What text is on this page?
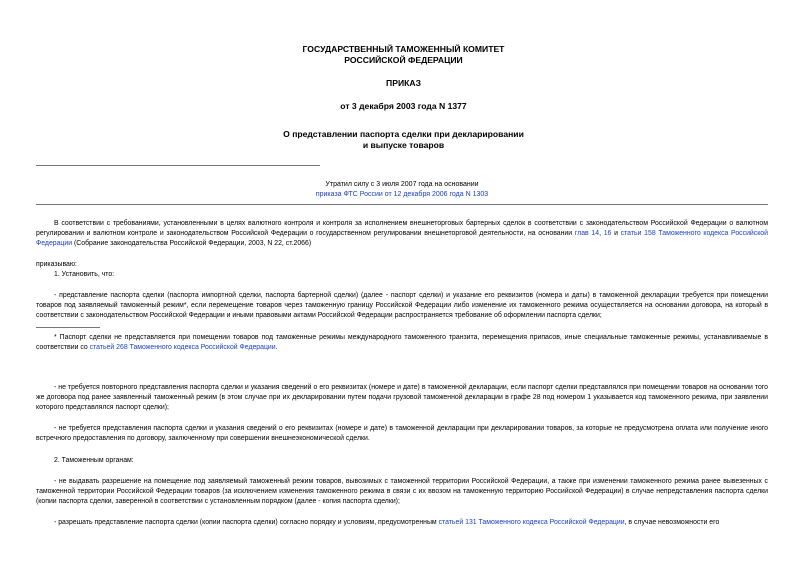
ГОСУДАРСТВЕННЫЙ ТАМОЖЕННЫЙ КОМИТЕТ
РОССИЙСКОЙ ФЕДЕРАЦИИ
ПРИКАЗ
от 3 декабря 2003 года N 1377
О представлении паспорта сделки при декларировании
и выпуске товаров
Утратил силу с 3 июля 2007 года на основании
приказа ФТС России от 12 декабря 2006 года N 1303
В соответствии с требованиями, установленными в целях валютного контроля и контроля за исполнением внешнеторговых бартерных сделок в соответствии с законодательством Российской Федерации о валютном регулировании и валютном контроле и законодательством Российской Федерации о государственном регулировании внешнеторговой деятельности, на основании глав 14, 16 и статьи 158 Таможенного кодекса Российской Федерации (Собрание законодательства Российской Федерации, 2003, N 22, ст.2066)
приказываю:
1. Установить, что:
- представление паспорта сделки (паспорта импортной сделки, паспорта бартерной сделки) (далее - паспорт сделки) и указание его реквизитов (номера и даты) в таможенной декларации требуется при помещении товаров под заявляемый таможенный режим*, если перемещение товаров через таможенную границу Российской Федерации либо изменение их таможенного режима осуществляется на основании договора, на который в соответствии с законодательством Российской Федерации и иными правовыми актами Российской Федерации распространяется требование об оформлении паспорта сделки;
* Паспорт сделки не представляется при помещении товаров под таможенные режимы международного таможенного транзита, перемещения припасов, иные специальные таможенные режимы, устанавливаемые в соответствии со статьей 268 Таможенного кодекса Российской Федерации.
- не требуется повторного представления паспорта сделки и указания сведений о его реквизитах (номере и дате) в таможенной декларации, если паспорт сделки представлялся при помещении товаров на основании того же договора под ранее заявленный таможенный режим (в этом случае при их декларировании путем подачи грузовой таможенной декларации в графе 28 под номером 1 указывается код таможенного режима, при заявлении которого представлялся паспорт сделки);
- не требуется представления паспорта сделки и указания сведений о его реквизитах (номере и дате) в таможенной декларации при декларировании товаров, за которые не предусмотрена оплата или получение иного встречного предоставления по договору, заключенному при совершении внешнеэкономической сделки.
2. Таможенным органам:
- не выдавать разрешение на помещение под заявляемый таможенный режим товаров, вывозимых с таможенной территории Российской Федерации, а также при изменении таможенного режима ранее вывезенных с таможенной территории Российской Федерации товаров (за исключением изменения таможенного режима в связи с их ввозом на таможенную территорию Российской Федерации) в случае непредставления паспорта сделки (копии паспорта сделки, заверенной в соответствии с установленным порядком (далее - копия паспорта сделки);
- разрешать представление паспорта сделки (копии паспорта сделки) согласно порядку и условиям, предусмотренным статьей 131 Таможенного кодекса Российской Федерации, в случае невозможности его
